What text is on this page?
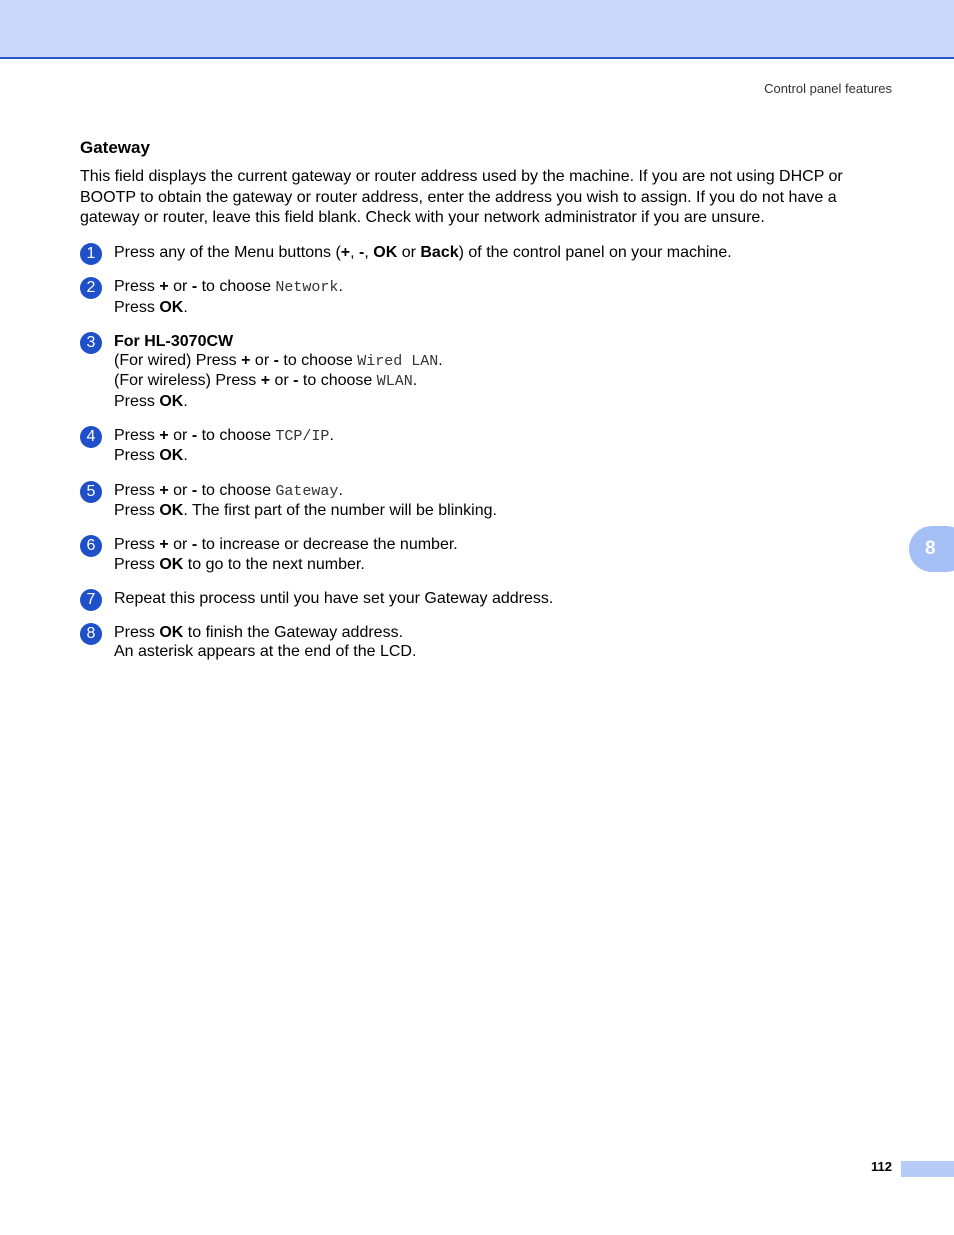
Control panel features
Gateway

This field displays the current gateway or router address used by the machine. If you are not using DHCP or BOOTP to obtain the gateway or router address, enter the address you wish to assign. If you do not have a gateway or router, leave this field blank. Check with your network administrator if you are unsure.

1	Press any of the Menu buttons (+, -, OK or Back) of the control panel on your machine.
2	Press + or - to choose Network.
Press OK.
3	For HL-3070CW
(For wired) Press + or - to choose Wired LAN.
(For wireless) Press + or - to choose WLAN.
Press OK.
4	Press + or - to choose TCP/IP.
Press OK.
5	Press + or - to choose Gateway.
Press OK. The first part of the number will be blinking.
6	Press + or - to increase or decrease the number.
Press OK to go to the next number.
7	Repeat this process until you have set your Gateway address.
8	Press OK to finish the Gateway address.
An asterisk appears at the end of the LCD.
8
112
